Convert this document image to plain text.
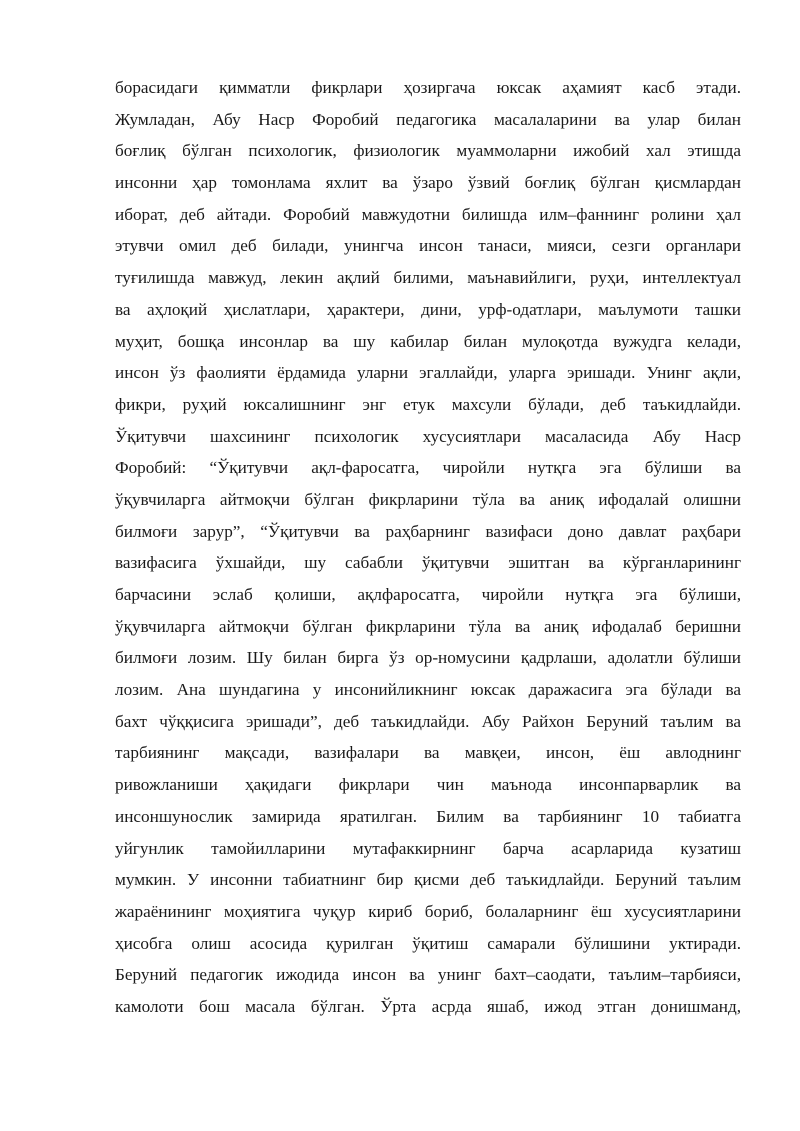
борасидаги қимматли фикрлари ҳозиргача юксак аҳамият касб этади.
Жумладан, Абу Наср Форобий педагогика масалаларини ва улар билан
боғлиқ бўлган психологик, физиологик муаммоларни ижобий хал этишда
инсонни ҳар томонлама яхлит ва ўзаро ўзвий боғлиқ бўлган қисмлардан
иборат, деб айтади. Форобий мавжудотни билишда илм–фаннинг ролини ҳал
этувчи омил деб билади, унингча инсон танаси, мияси, сезги органлари
туғилишда мавжуд, лекин ақлий билими, маънавийлиги, руҳи, интеллектуал
ва аҳлоқий ҳислатлари, ҳарактери, дини, урф-одатлари, маълумоти ташки
муҳит, бошқа инсонлар ва шу кабилар билан мулоқотда вужудга келади,
инсон ўз фаолияти ёрдамида уларни эгаллайди, уларга эришади. Унинг ақли,
фикри, руҳий юксалишнинг энг етук махсули бўлади, деб таъкидлайди.
Ўқитувчи шахсининг психологик хусусиятлари масаласида Абу Наср
Форобий: “Ўқитувчи ақл-фаросатга, чиройли нутқга эга бўлиши ва
ўқувчиларга айтмоқчи бўлган фикрларини тўла ва аниқ ифодалай олишни
билмоғи зарур”, “Ўқитувчи ва раҳбарнинг вазифаси доно давлат раҳбари
вазифасига ўхшайди, шу сабабли ўқитувчи эшитган ва кўрганларининг
барчасини эслаб қолиши, ақлфаросатга, чиройли нутқга эга бўлиши,
ўқувчиларга айтмоқчи бўлган фикрларини тўла ва аниқ ифодалаб беришни
билмоғи лозим. Шу билан бирга ўз ор-номусини қадрлаши, адолатли бўлиши
лозим. Ана шундагина у инсонийликнинг юксак даражасига эга бўлади ва
бахт чўққисига эришади”, деб таъкидлайди. Абу Райхон Беруний таълим ва
тарбиянинг мақсади, вазифалари ва мавқеи, инсон, ёш авлоднинг
ривожланиши ҳақидаги фикрлари чин маънода инсонпарварлик ва
инсоншунослик замирида яратилган. Билим ва тарбиянинг 10 табиатга
уйгунлик тамойилларини мутафаккирнинг барча асарларида кузатиш
мумкин. У инсонни табиатнинг бир қисми деб таъкидлайди. Беруний таълим
жараёнининг моҳиятига чуқур кириб бориб, болаларнинг ёш хусусиятларини
ҳисобга олиш асосида қурилган ўқитиш самарали бўлишини уктиради.
Беруний педагогик ижодида инсон ва унинг бахт–саодати, таълим–тарбияси,
камолоти бош масала бўлган. Ўрта асрда яшаб, ижод этган донишманд,
